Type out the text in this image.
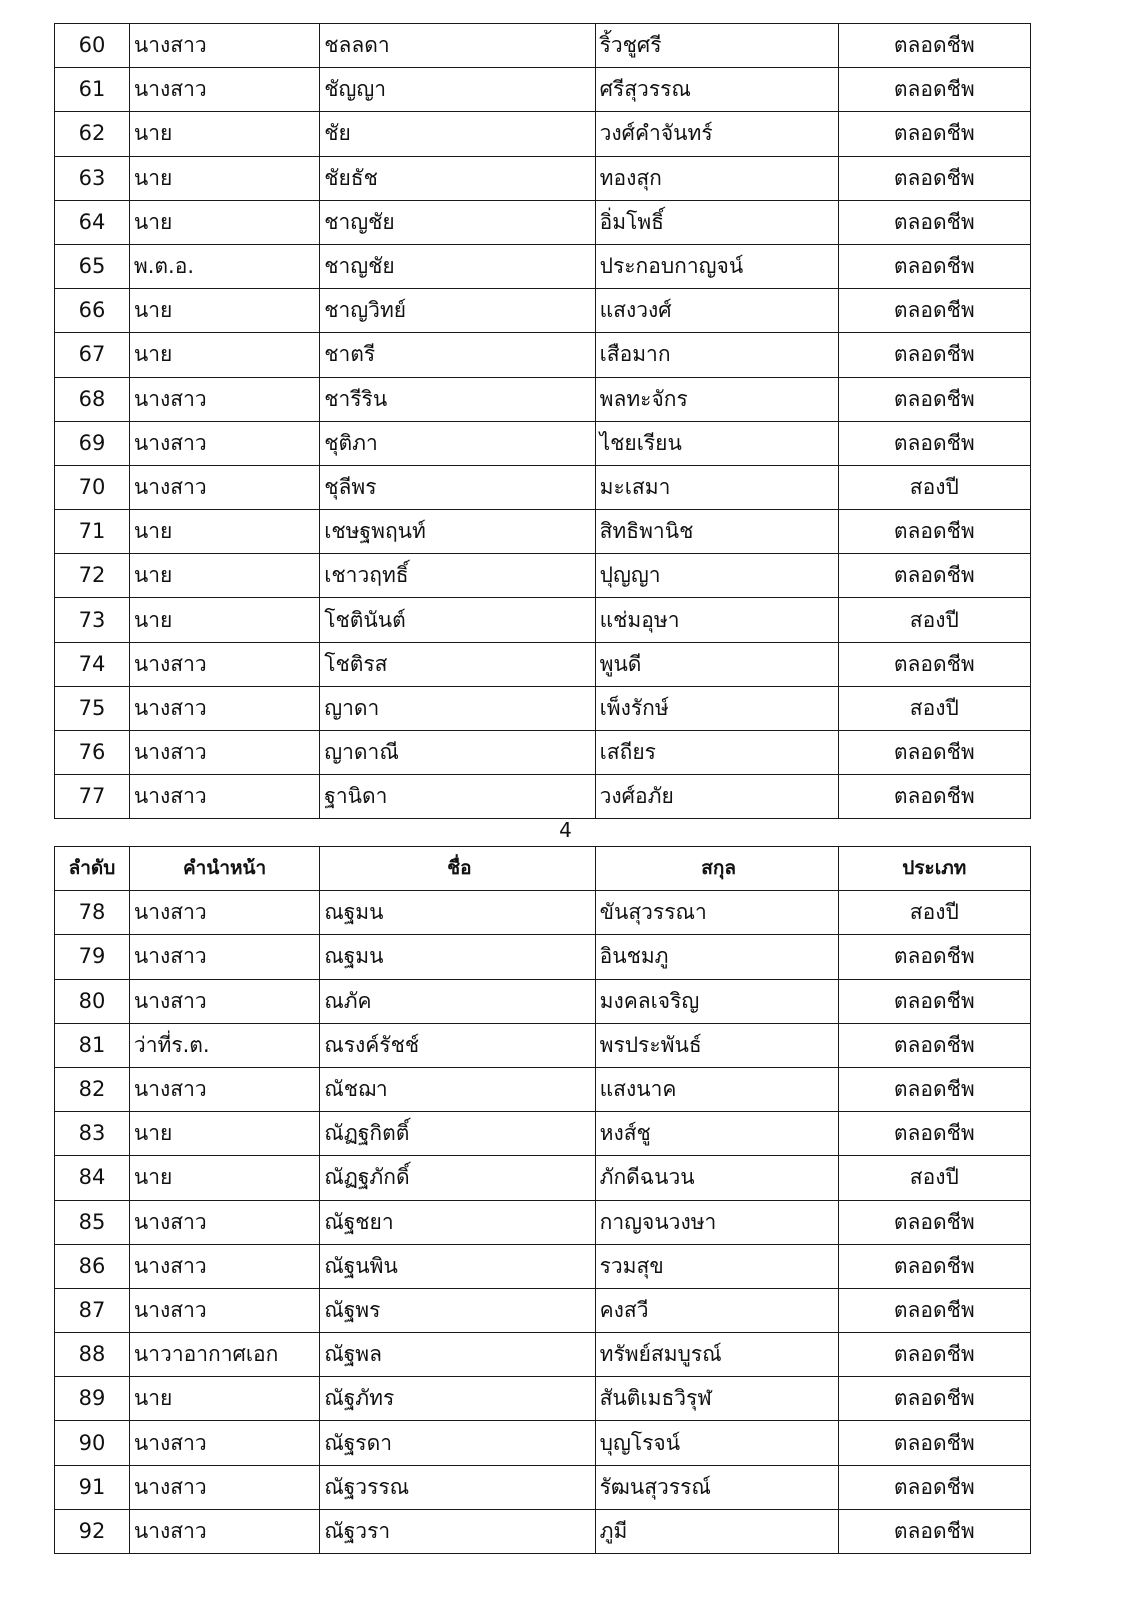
60	นางสาว	ชลลดา	ริ้วชูศรี	ตลอดชีพ
61	นางสาว	ชัญญา	ศรีสุวรรณ	ตลอดชีพ
62	นาย	ชัย	วงศ์คำจันทร์	ตลอดชีพ
63	นาย	ชัยธัช	ทองสุก	ตลอดชีพ
64	นาย	ชาญชัย	อิ่มโพธิ์	ตลอดชีพ
65	พ.ต.อ.	ชาญชัย	ประกอบกาญจน์	ตลอดชีพ
66	นาย	ชาญวิทย์	แสงวงศ์	ตลอดชีพ
67	นาย	ชาตรี	เสือมาก	ตลอดชีพ
68	นางสาว	ชารีริน	พลทะจักร	ตลอดชีพ
69	นางสาว	ชุติภา	ไชยเรียน	ตลอดชีพ
70	นางสาว	ชุลีพร	มะเสมา	สองปี
71	นาย	เชษฐพฤนท์	สิทธิพานิช	ตลอดชีพ
72	นาย	เชาวฤทธิ์	ปุญญา	ตลอดชีพ
73	นาย	โชตินันต์	แช่มอุษา	สองปี
74	นางสาว	โชติรส	พูนดี	ตลอดชีพ
75	นางสาว	ญาดา	เพ็งรักษ์	สองปี
76	นางสาว	ญาดาณี	เสถียร	ตลอดชีพ
77	นางสาว	ฐานิดา	วงศ์อภัย	ตลอดชีพ
4
ลำดับ	คำนำหน้า	ชื่อ	สกุล	ประเภท
78	นางสาว	ณฐมน	ขันสุวรรณา	สองปี
79	นางสาว	ณฐมน	อินชมภู	ตลอดชีพ
80	นางสาว	ณภัค	มงคลเจริญ	ตลอดชีพ
81	ว่าที่ร.ต.	ณรงค์รัชช์	พรประพันธ์	ตลอดชีพ
82	นางสาว	ณัชฌา	แสงนาค	ตลอดชีพ
83	นาย	ณัฏฐกิตติ์	หงส์ชู	ตลอดชีพ
84	นาย	ณัฏฐภักดิ์	ภักดีฉนวน	สองปี
85	นางสาว	ณัฐชยา	กาญจนวงษา	ตลอดชีพ
86	นางสาว	ณัฐนพิน	รวมสุข	ตลอดชีพ
87	นางสาว	ณัฐพร	คงสวี	ตลอดชีพ
88	นาวาอากาศเอก	ณัฐพล	ทรัพย์สมบูรณ์	ตลอดชีพ
89	นาย	ณัฐภัทร	สันติเมธวิรุฬ	ตลอดชีพ
90	นางสาว	ณัฐรดา	บุญโรจน์	ตลอดชีพ
91	นางสาว	ณัฐวรรณ	รัฒนสุวรรณ์	ตลอดชีพ
92	นางสาว	ณัฐวรา	ภูมี	ตลอดชีพ
